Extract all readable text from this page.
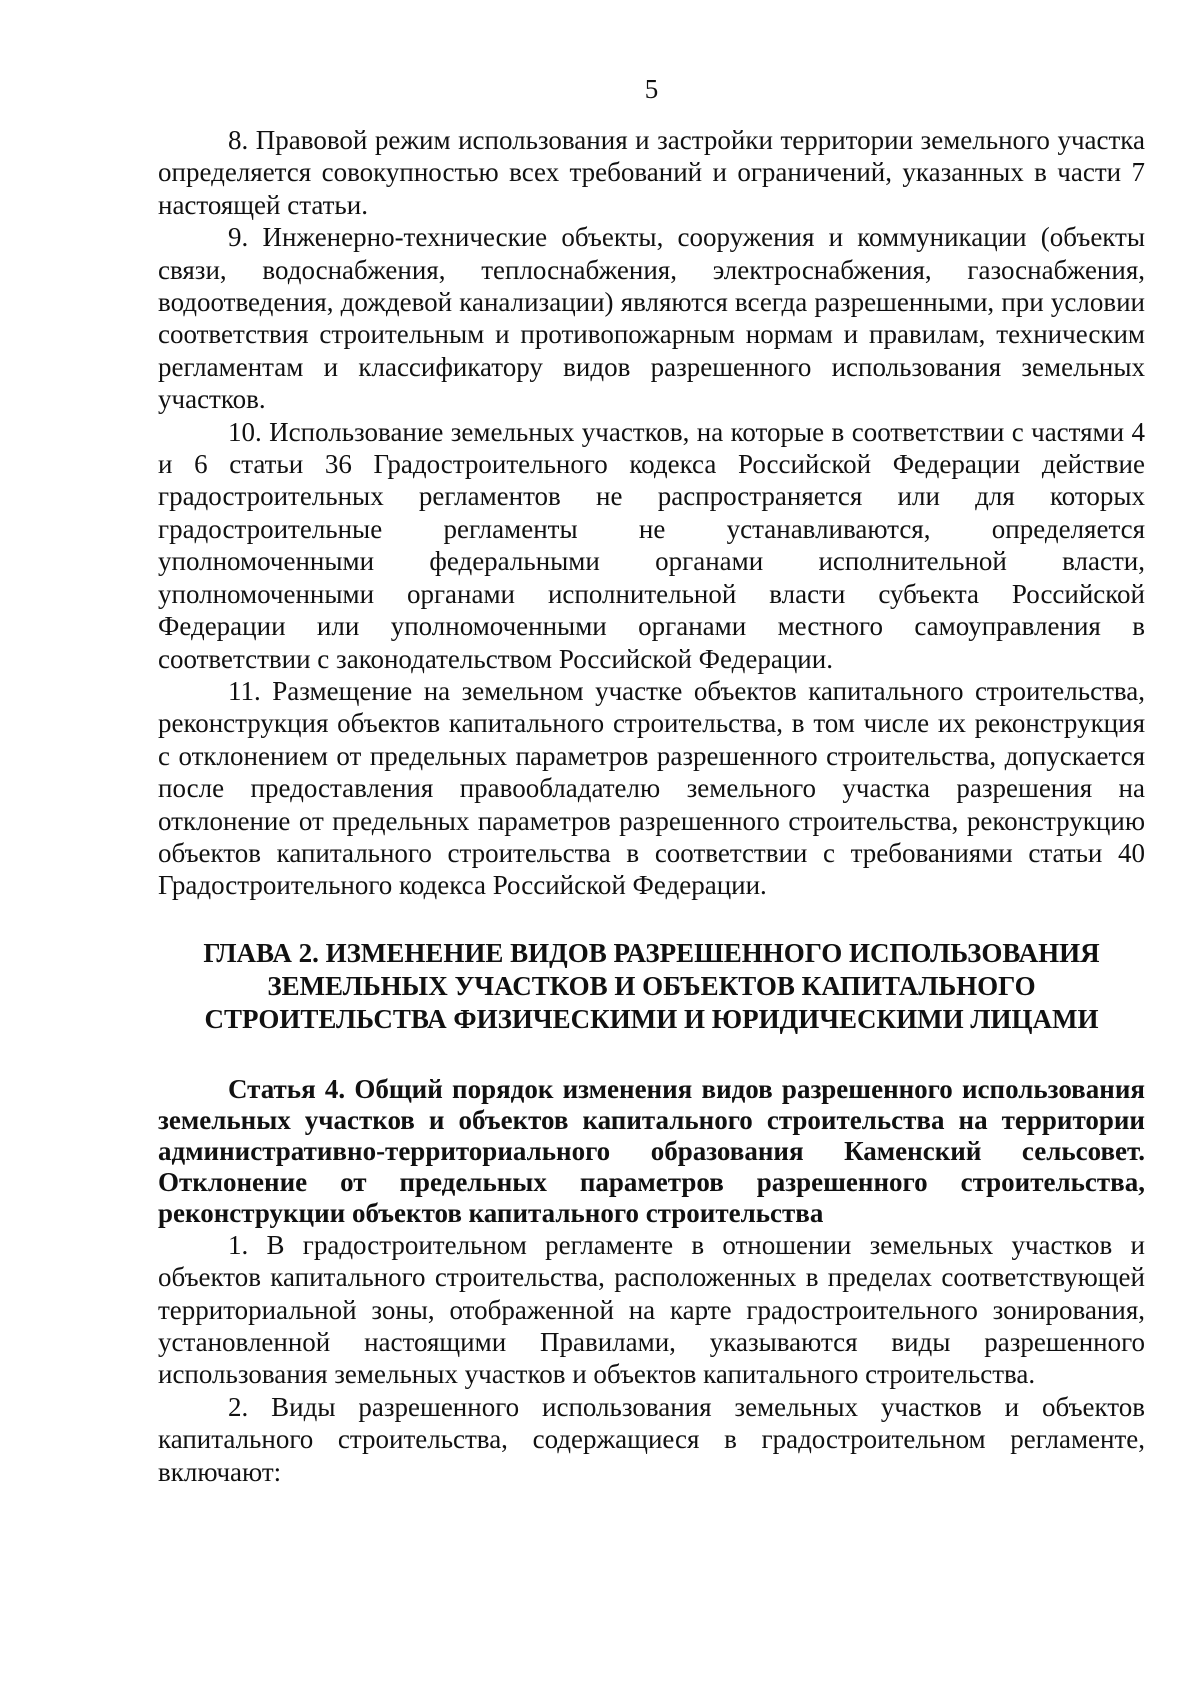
5

8. Правовой режим использования и застройки территории земельного участка определяется совокупностью всех требований и ограничений, указанных в части 7 настоящей статьи.

9. Инженерно-технические объекты, сооружения и коммуникации (объекты связи, водоснабжения, теплоснабжения, электроснабжения, газоснабжения, водоотведения, дождевой канализации) являются всегда разрешенными, при условии соответствия строительным и противопожарным нормам и правилам, техническим регламентам и классификатору видов разрешенного использования земельных участков.

10. Использование земельных участков, на которые в соответствии с частями 4 и 6 статьи 36 Градостроительного кодекса Российской Федерации действие градостроительных регламентов не распространяется или для которых градостроительные регламенты не устанавливаются, определяется уполномоченными федеральными органами исполнительной власти, уполномоченными органами исполнительной власти субъекта Российской Федерации или уполномоченными органами местного самоуправления в соответствии с законодательством Российской Федерации.

11. Размещение на земельном участке объектов капитального строительства, реконструкция объектов капитального строительства, в том числе их реконструкция с отклонением от предельных параметров разрешенного строительства, допускается после предоставления правообладателю земельного участка разрешения на отклонение от предельных параметров разрешенного строительства, реконструкцию объектов капитального строительства в соответствии с требованиями статьи 40 Градостроительного кодекса Российской Федерации.

ГЛАВА 2. ИЗМЕНЕНИЕ ВИДОВ РАЗРЕШЕННОГО ИСПОЛЬЗОВАНИЯ
ЗЕМЕЛЬНЫХ УЧАСТКОВ И ОБЪЕКТОВ КАПИТАЛЬНОГО
СТРОИТЕЛЬСТВА ФИЗИЧЕСКИМИ И ЮРИДИЧЕСКИМИ ЛИЦАМИ

Статья 4. Общий порядок изменения видов разрешенного использования земельных участков и объектов капитального строительства на территории административно-территориального образования Каменский сельсовет. Отклонение от предельных параметров разрешенного строительства, реконструкции объектов капитального строительства

1. В градостроительном регламенте в отношении земельных участков и объектов капитального строительства, расположенных в пределах соответствующей территориальной зоны, отображенной на карте градостроительного зонирования, установленной настоящими Правилами, указываются виды разрешенного использования земельных участков и объектов капитального строительства.

2. Виды разрешенного использования земельных участков и объектов капитального строительства, содержащиеся в градостроительном регламенте, включают:
